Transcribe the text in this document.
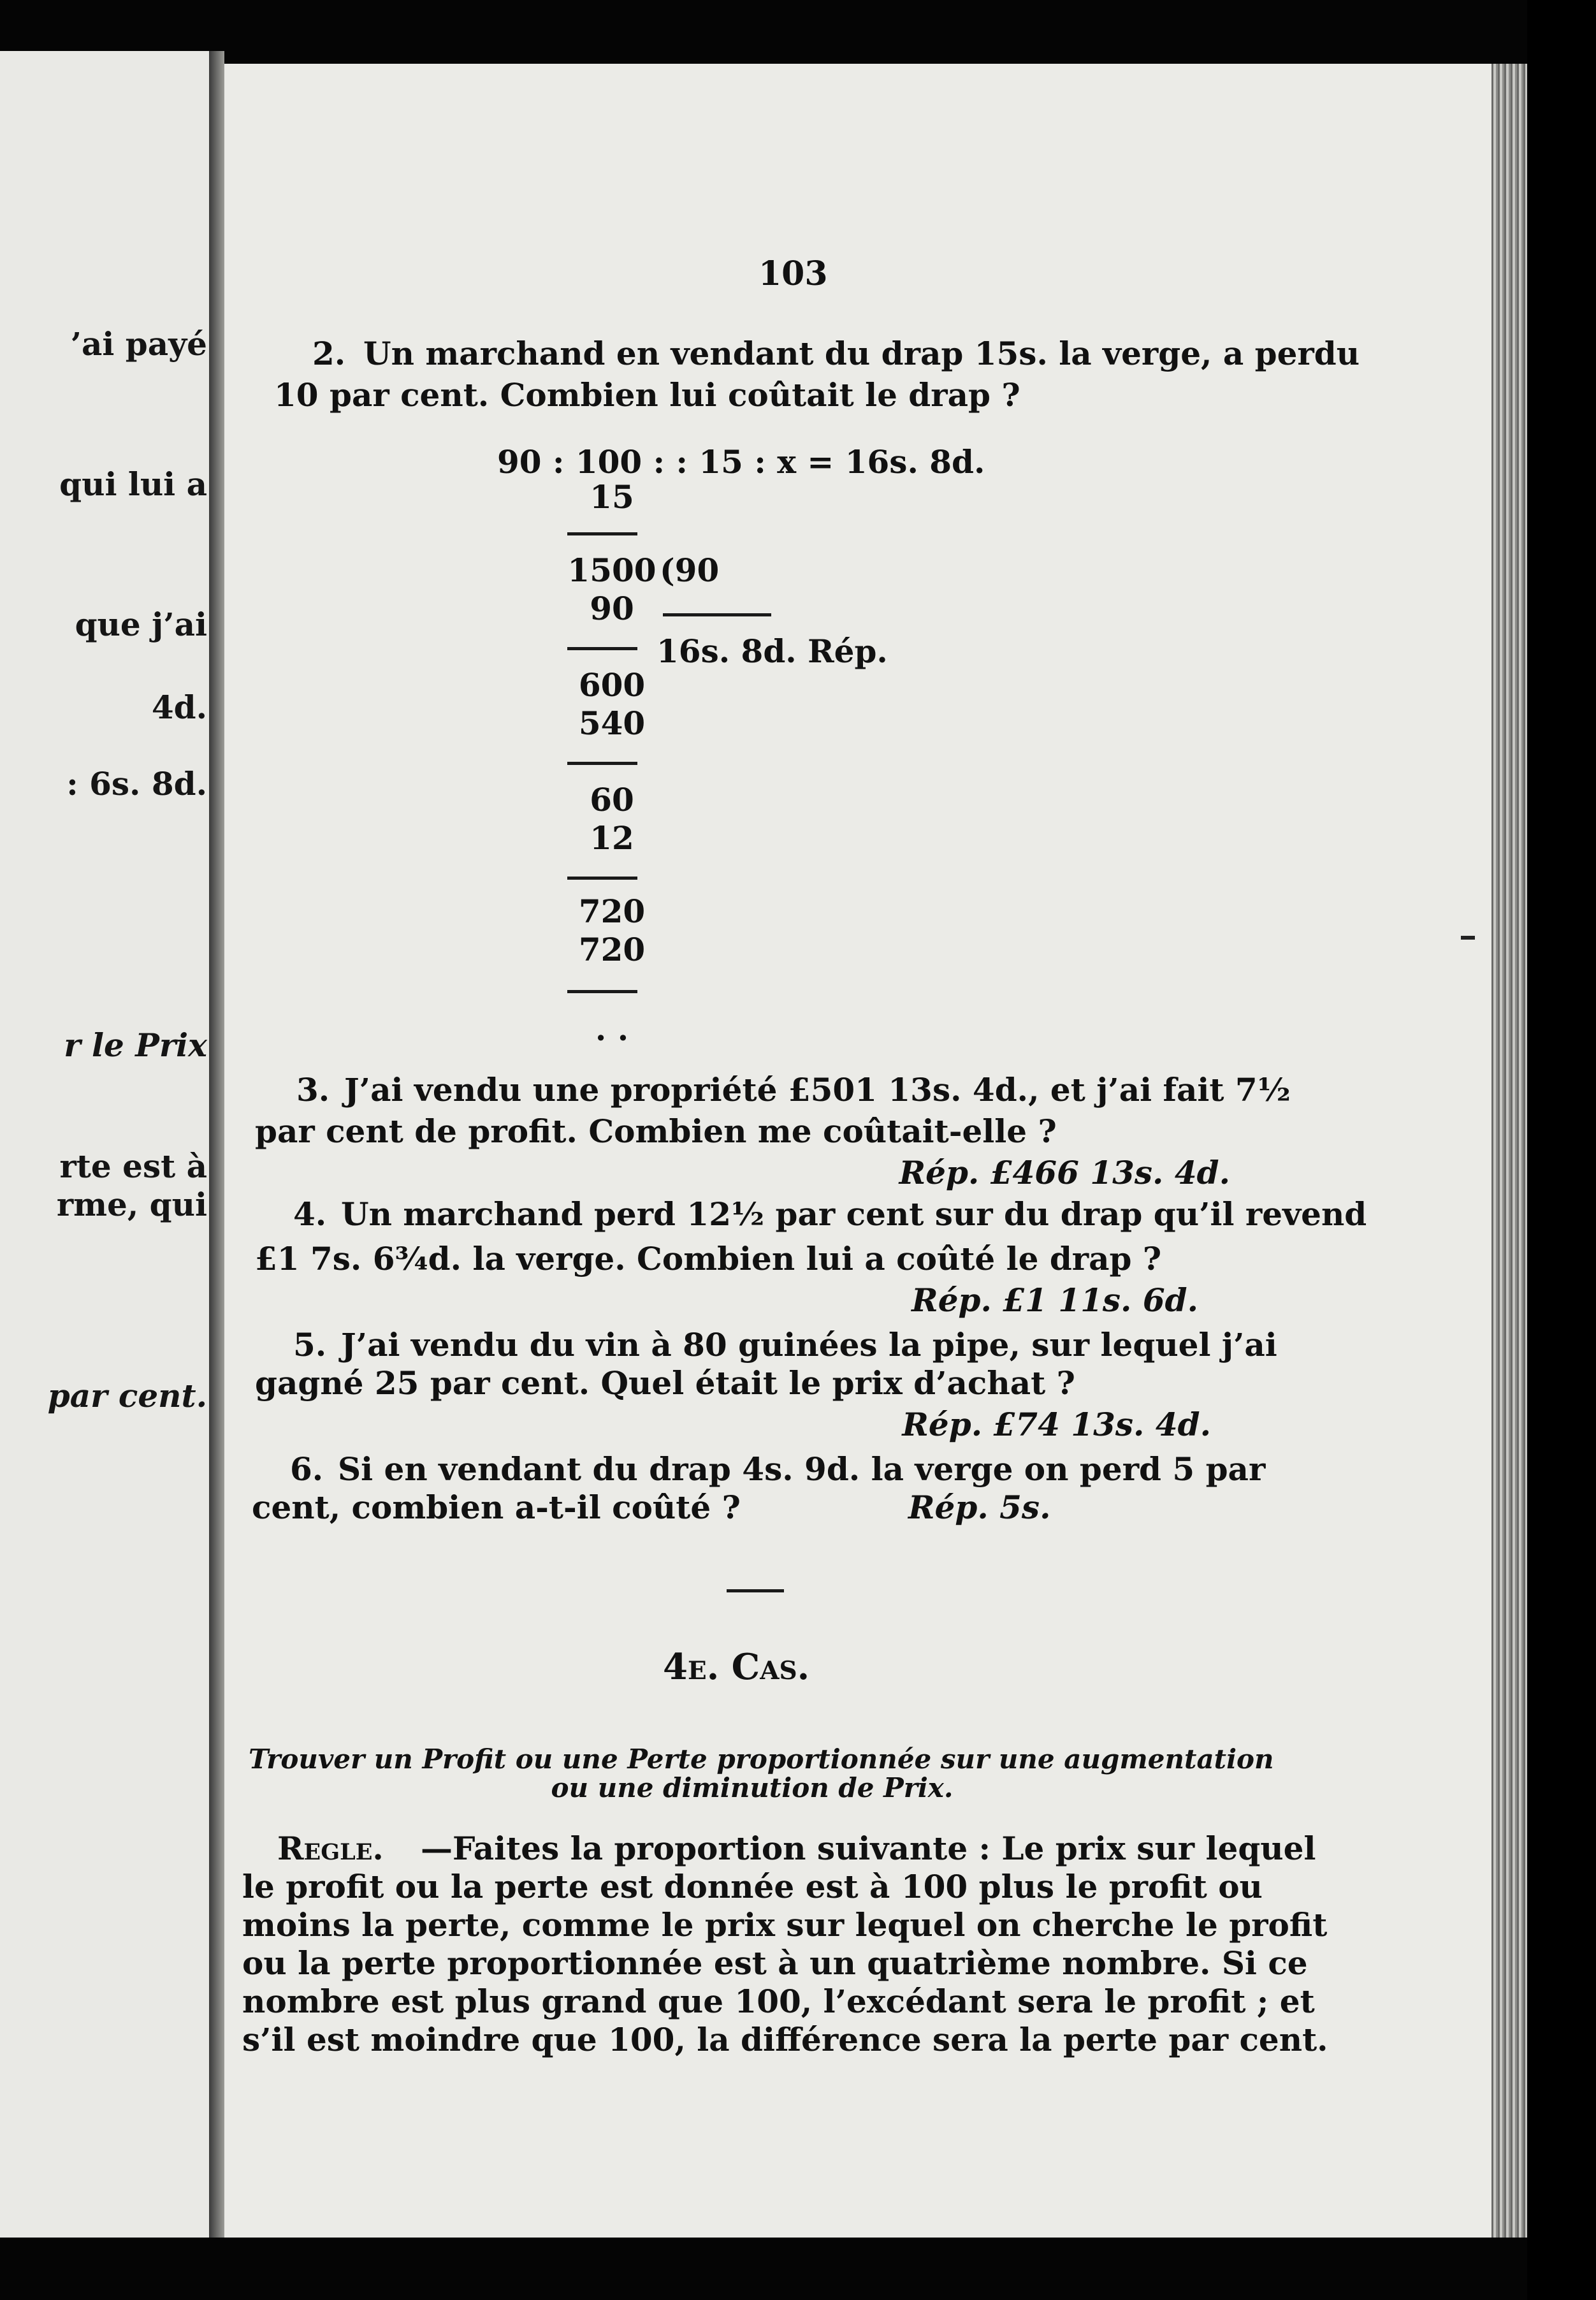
’ai payé
qui lui a
que j’ai
4d.
: 6s. 8d.
r le Prix
rte est à
rme, qui
par cent.
103
2. Un marchand en vendant du drap 15s. la verge, a perdu
10 par cent. Combien lui coûtait le drap ?
90 : 100 : : 15 : x = 16s. 8d.
15
1500 (90
90
16s. 8d. Rép.
600
540
60
12
720
720
. .
3. J’ai vendu une propriété £501 13s. 4d., et j’ai fait 7½
par cent de profit. Combien me coûtait-elle ?
Rép. £466 13s. 4d.
4. Un marchand perd 12½ par cent sur du drap qu’il revend
£1 7s. 6¾d. la verge. Combien lui a coûté le drap ?
Rép. £1 11s. 6d.
5. J’ai vendu du vin à 80 guinées la pipe, sur lequel j’ai
gagné 25 par cent. Quel était le prix d’achat ?
Rép. £74 13s. 4d.
6. Si en vendant du drap 4s. 9d. la verge on perd 5 par
cent, combien a-t-il coûté ?	Rép. 5s.
4e. Cas.
Trouver un Profit ou une Perte proportionnée sur une augmentation
ou une diminution de Prix.
Regle. —Faites la proportion suivante : Le prix sur lequel
le profit ou la perte est donnée est à 100 plus le profit ou
moins la perte, comme le prix sur lequel on cherche le profit
ou la perte proportionnée est à un quatrième nombre. Si ce
nombre est plus grand que 100, l’excédant sera le profit ; et
s’il est moindre que 100, la différence sera la perte par cent.
